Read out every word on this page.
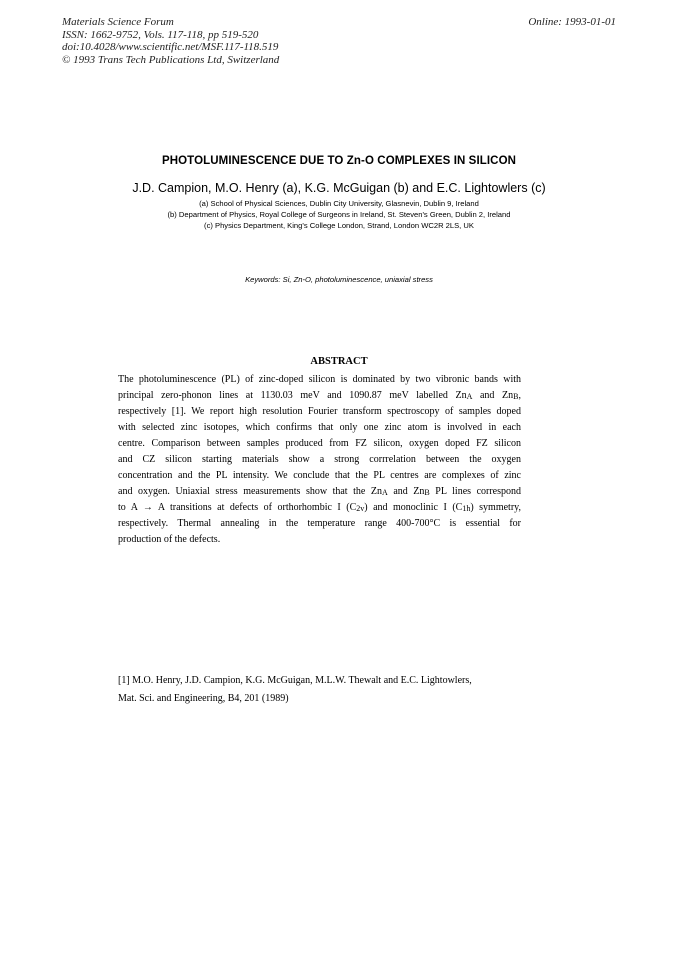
Materials Science Forum
ISSN: 1662-9752, Vols. 117-118, pp 519-520
doi:10.4028/www.scientific.net/MSF.117-118.519
© 1993 Trans Tech Publications Ltd, Switzerland
Online: 1993-01-01
PHOTOLUMINESCENCE DUE TO Zn-O COMPLEXES IN SILICON
J.D. Campion, M.O. Henry (a), K.G. McGuigan (b) and E.C. Lightowlers (c)
(a) School of Physical Sciences, Dublin City University, Glasnevin, Dublin 9, Ireland
(b) Department of Physics, Royal College of Surgeons in Ireland, St. Steven's Green, Dublin 2, Ireland
(c) Physics Department, King's College London, Strand, London WC2R 2LS, UK
Keywords: Si, Zn-O, photoluminescence, uniaxial stress
ABSTRACT
The photoluminescence (PL) of zinc-doped silicon is dominated by two vibronic bands with
principal zero-phonon lines at 1130.03 meV and 1090.87 meV labelled $Zn_A$ and $Zn_B$,
respectively [1]. We report high resolution Fourier transform spectroscopy of samples doped
with selected zinc isotopes, which confirms that only one zinc atom is involved in each
centre. Comparison between samples produced from FZ silicon, oxygen doped FZ silicon
and CZ silicon starting materials show a strong corrrelation between the oxygen
concentration and the PL intensity. We conclude that the PL centres are complexes of zinc
and oxygen. Uniaxial stress measurements show that the $Zn_A$ and $Zn_B$ PL lines correspond
to A → A transitions at defects of orthorhombic I $(C_{2v})$ and monoclinic I $(C_{1h})$ symmetry,
respectively. Thermal annealing in the temperature range 400-700°C is essential for
production of the defects.
[1] M.O. Henry, J.D. Campion, K.G. McGuigan, M.L.W. Thewalt and E.C. Lightowlers,
Mat. Sci. and Engineering, B4, 201 (1989)
